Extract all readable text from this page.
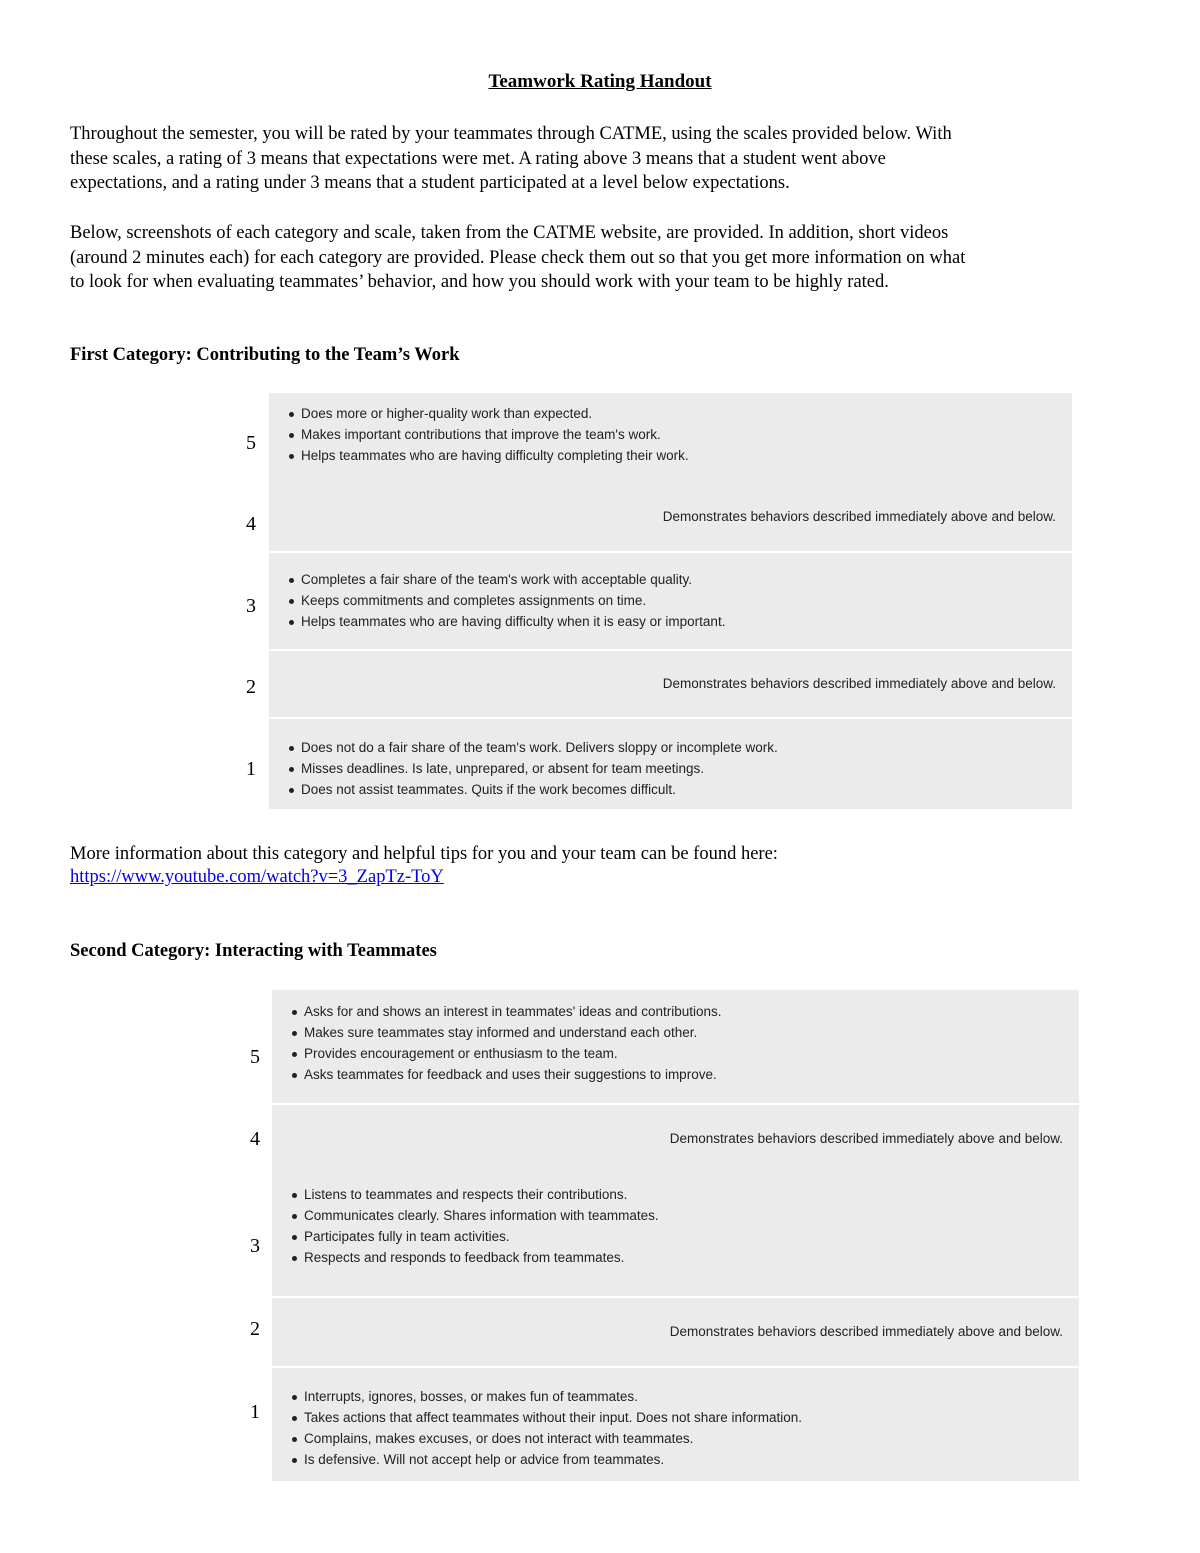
Teamwork Rating Handout

Throughout the semester, you will be rated by your teammates through CATME, using the scales provided below. With
these scales, a rating of 3 means that expectations were met. A rating above 3 means that a student went above
expectations, and a rating under 3 means that a student participated at a level below expectations.

Below, screenshots of each category and scale, taken from the CATME website, are provided. In addition, short videos
(around 2 minutes each) for each category are provided. Please check them out so that you get more information on what
to look for when evaluating teammates’ behavior, and how you should work with your team to be highly rated.

First Category: Contributing to the Team’s Work
5
4
3
2
1
Does more or higher-quality work than expected.
Makes important contributions that improve the team's work.
Helps teammates who are having difficulty completing their work.
Demonstrates behaviors described immediately above and below.
Completes a fair share of the team's work with acceptable quality.
Keeps commitments and completes assignments on time.
Helps teammates who are having difficulty when it is easy or important.
Demonstrates behaviors described immediately above and below.
Does not do a fair share of the team's work. Delivers sloppy or incomplete work.
Misses deadlines. Is late, unprepared, or absent for team meetings.
Does not assist teammates. Quits if the work becomes difficult.
More information about this category and helpful tips for you and your team can be found here:
https://www.youtube.com/watch?v=3_ZapTz-ToY
Second Category: Interacting with Teammates
5
4
3
2
1
Asks for and shows an interest in teammates' ideas and contributions.
Makes sure teammates stay informed and understand each other.
Provides encouragement or enthusiasm to the team.
Asks teammates for feedback and uses their suggestions to improve.
Demonstrates behaviors described immediately above and below.
Listens to teammates and respects their contributions.
Communicates clearly. Shares information with teammates.
Participates fully in team activities.
Respects and responds to feedback from teammates.
Demonstrates behaviors described immediately above and below.
Interrupts, ignores, bosses, or makes fun of teammates.
Takes actions that affect teammates without their input. Does not share information.
Complains, makes excuses, or does not interact with teammates.
Is defensive. Will not accept help or advice from teammates.
